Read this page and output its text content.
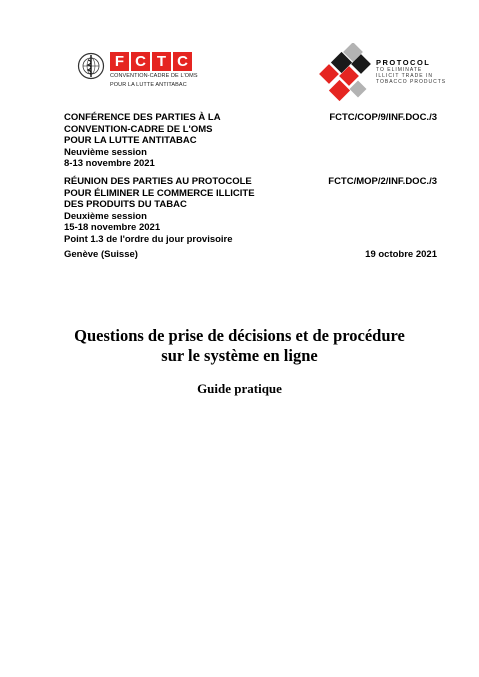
F C T C
CONVENTION-CADRE DE L'OMS
POUR LA LUTTE ANTITABAC
PROTOCOL
TO ELIMINATE
ILLICIT TRADE IN
TOBACCO PRODUCTS
CONFÉRENCE DES PARTIES À LA
CONVENTION-CADRE DE L'OMS
POUR LA LUTTE ANTITABAC
Neuvième session
8-13 novembre 2021
FCTC/COP/9/INF.DOC./3
RÉUNION DES PARTIES AU PROTOCOLE
POUR ÉLIMINER LE COMMERCE ILLICITE
DES PRODUITS DU TABAC
Deuxième session
15-18 novembre 2021
Point 1.3 de l'ordre du jour provisoire
FCTC/MOP/2/INF.DOC./3
Genève (Suisse)	19 octobre 2021
Questions de prise de décisions et de procédure
sur le système en ligne
Guide pratique
